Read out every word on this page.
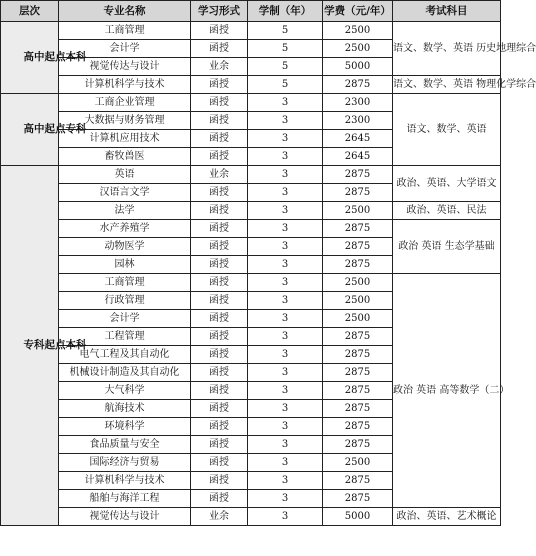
层次	专业名称	学习形式	学制（年）	学费（元/年）	考试科目

高中起点本科	工商管理	函授	5	2500	语文、数学、英语 历史地理综合
	会计学	函授	5	2500	
	视觉传达与设计	业余	5	5000	
	计算机科学与技术	函授	5	2875	语文、数学、英语 物理化学综合

高中起点专科	工商企业管理	函授	3	2300	语文、数学、英语
	大数据与财务管理	函授	3	2300	
	计算机应用技术	函授	3	2645	
	畜牧兽医	函授	3	2645	

专科起点本科	英语	业余	3	2875	政治、英语、大学语文
	汉语言文学	函授	3	2875	
	法学	函授	3	2500	政治、英语、民法
	水产养殖学	函授	3	2875	政治 英语 生态学基础
	动物医学	函授	3	2875	
	园林	函授	3	2875	
	工商管理	函授	3	2500	政治 英语 高等数学（二）
	行政管理	函授	3	2500	
	会计学	函授	3	2500	
	工程管理	函授	3	2875	
	电气工程及其自动化	函授	3	2875	
	机械设计制造及其自动化	函授	3	2875	
	大气科学	函授	3	2875	
	航海技术	函授	3	2875	
	环境科学	函授	3	2875	
	食品质量与安全	函授	3	2875	
	国际经济与贸易	函授	3	2500	
	计算机科学与技术	函授	3	2875	
	船舶与海洋工程	函授	3	2875	
	视觉传达与设计	业余	3	5000	政治、英语、艺术概论
